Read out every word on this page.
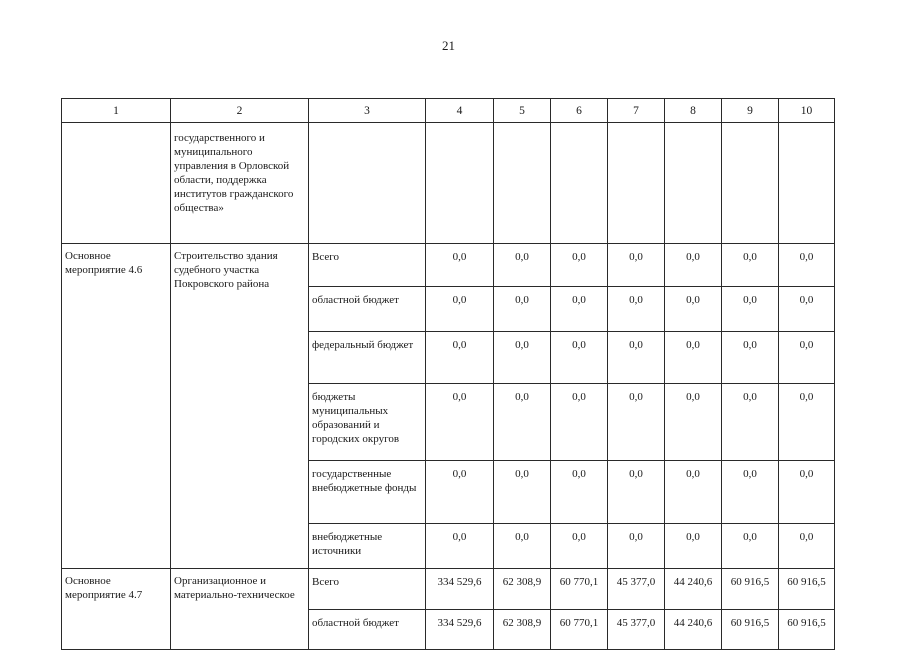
21
1	2	3	4	5	6	7	8	9	10
	государственного и муниципального управления в Орловской области, поддержка институтов гражданского общества»								
Основное мероприятие 4.6	Строительство здания судебного участка Покровского района	Всего	0,0	0,0	0,0	0,0	0,0	0,0	0,0
		областной бюджет	0,0	0,0	0,0	0,0	0,0	0,0	0,0
		федеральный бюджет	0,0	0,0	0,0	0,0	0,0	0,0	0,0
		бюджеты муниципальных образований и городских округов	0,0	0,0	0,0	0,0	0,0	0,0	0,0
		государственные внебюджетные фонды	0,0	0,0	0,0	0,0	0,0	0,0	0,0
		внебюджетные источники	0,0	0,0	0,0	0,0	0,0	0,0	0,0
Основное мероприятие 4.7	Организационное и материально-техническое	Всего	334 529,6	62 308,9	60 770,1	45 377,0	44 240,6	60 916,5	60 916,5
		областной бюджет	334 529,6	62 308,9	60 770,1	45 377,0	44 240,6	60 916,5	60 916,5
